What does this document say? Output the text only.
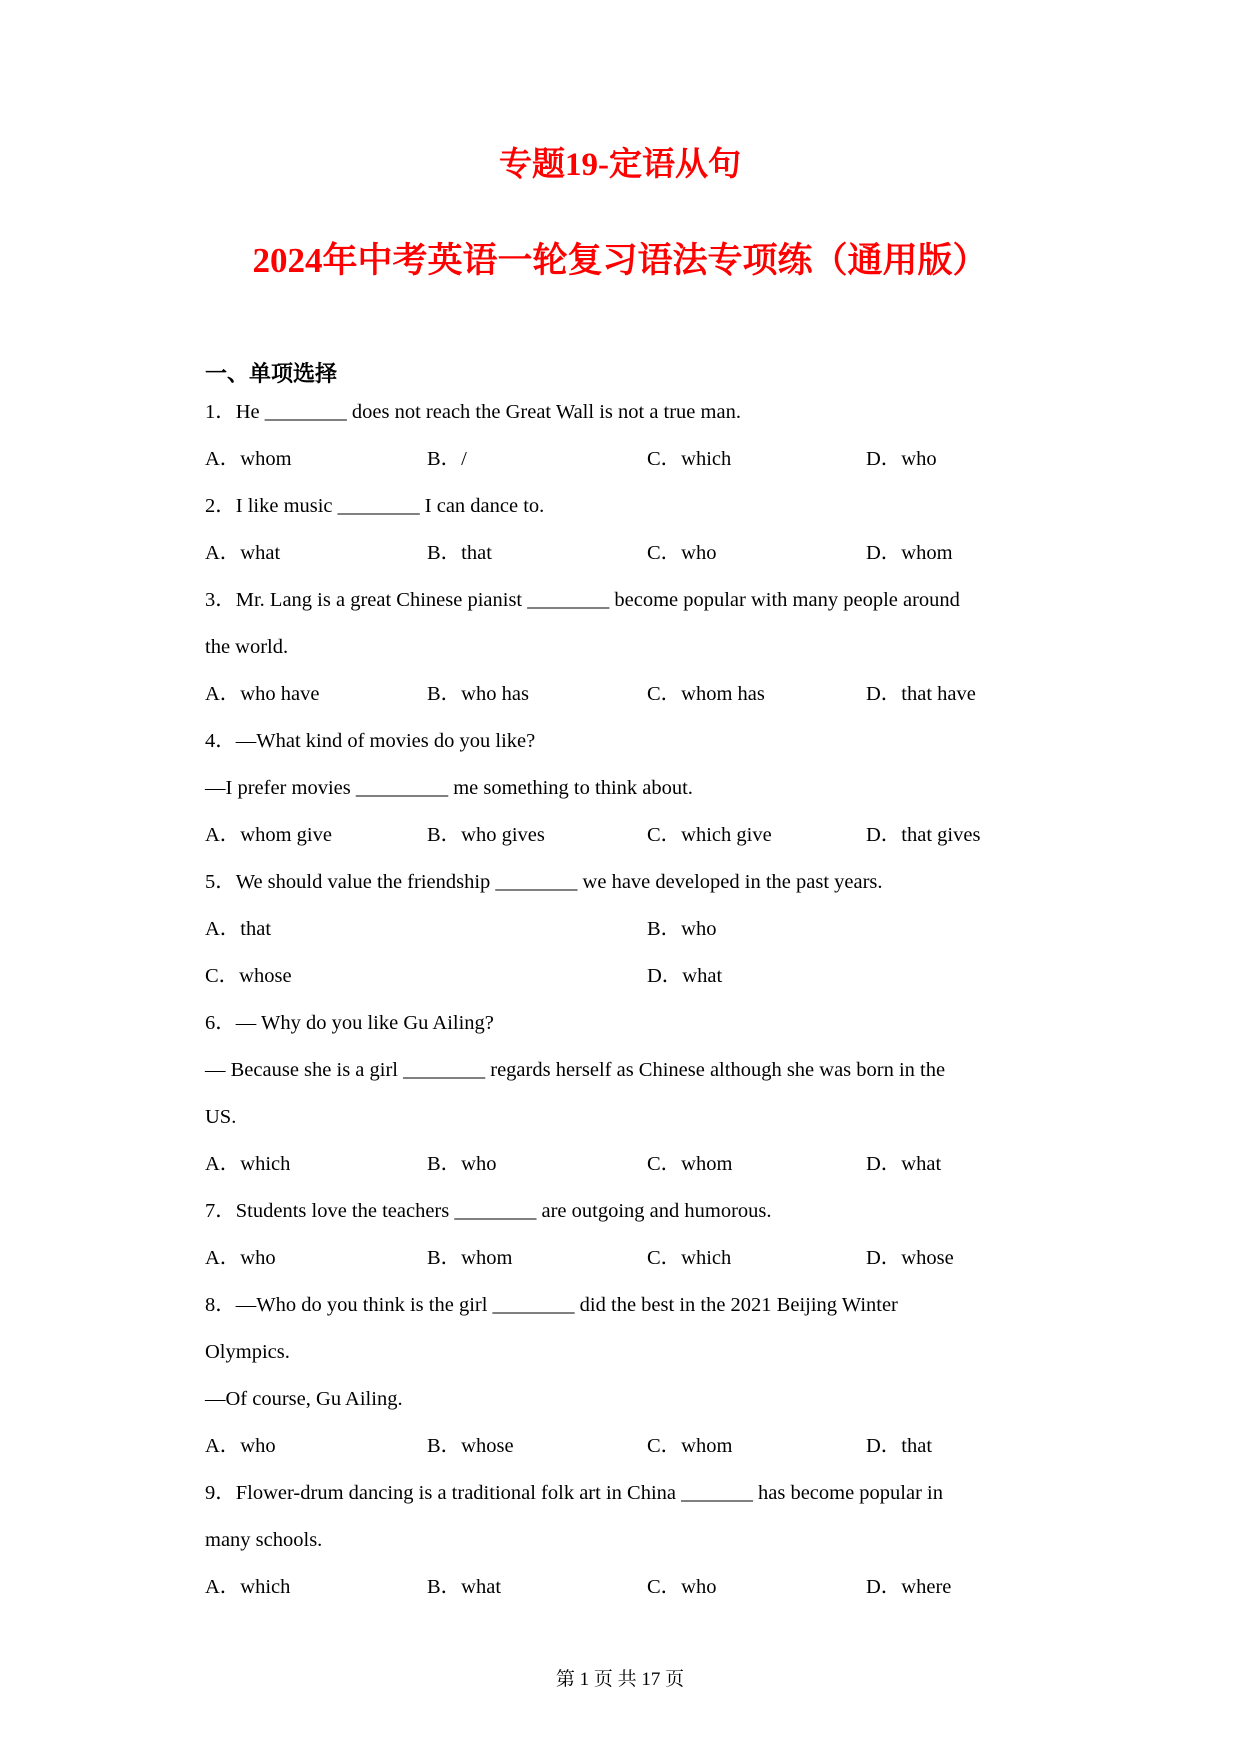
专题19-定语从句
2024年中考英语一轮复习语法专项练（通用版）
一、单项选择
1．He ________ does not reach the Great Wall is not a true man.
A．whom	B．/	C．which	D．who
2．I like music ________ I can dance to.
A．what	B．that	C．who	D．whom
3．Mr. Lang is a great Chinese pianist ________ become popular with many people around
the world.
A．who have	B．who has	C．whom has	D．that have
4．—What kind of movies do you like?
—I prefer movies _________ me something to think about.
A．whom give	B．who gives	C．which give	D．that gives
5．We should value the friendship ________ we have developed in the past years.
A．that	B．who
C．whose	D．what
6．— Why do you like Gu Ailing?
— Because she is a girl ________ regards herself as Chinese although she was born in the
US.
A．which	B．who	C．whom	D．what
7．Students love the teachers ________ are outgoing and humorous.
A．who	B．whom	C．which	D．whose
8．—Who do you think is the girl ________ did the best in the 2021 Beijing Winter
Olympics.
—Of course, Gu Ailing.
A．who	B．whose	C．whom	D．that
9．Flower-drum dancing is a traditional folk art in China _______ has become popular in
many schools.
A．which	B．what	C．who	D．where
第 1 页 共 17 页
